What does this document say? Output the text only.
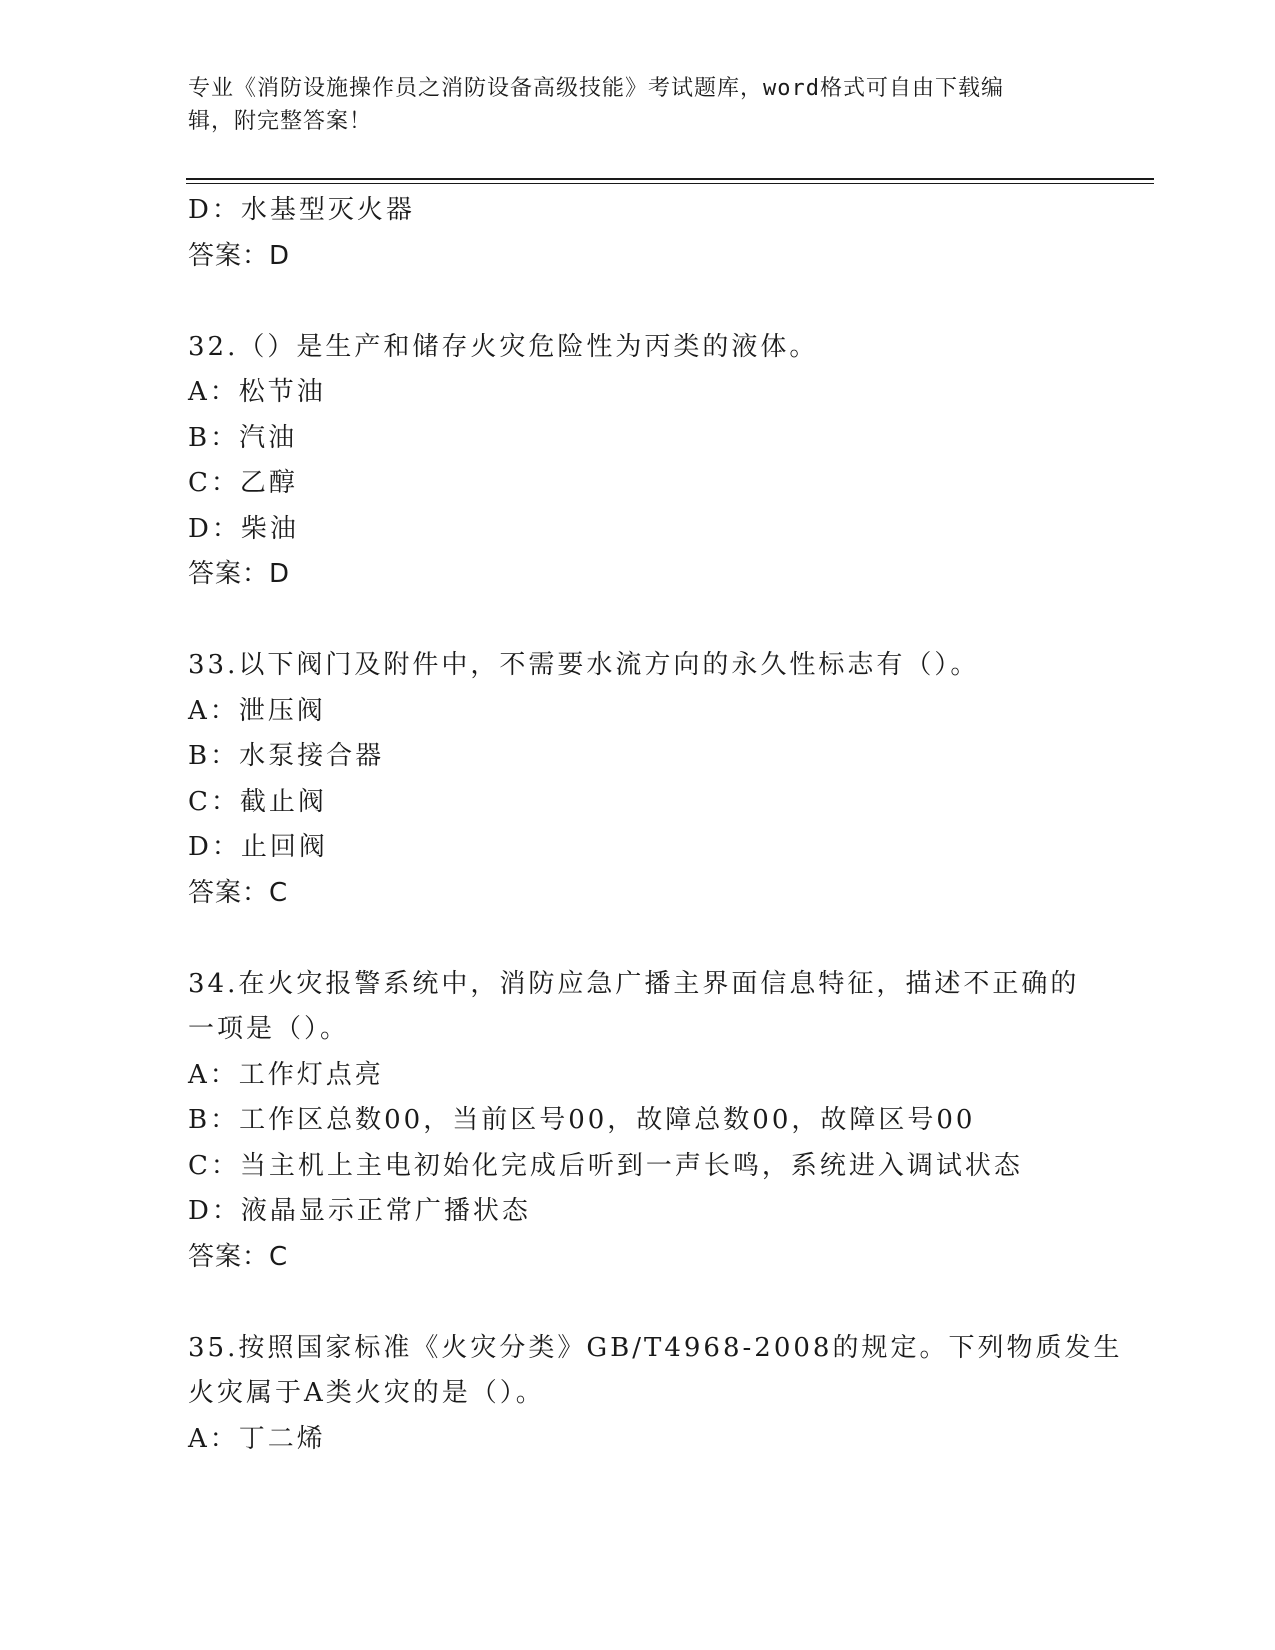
专业《消防设施操作员之消防设备高级技能》考试题库，word格式可自由下载编
辑，附完整答案！
D：水基型灭火器
答案：D
32.（）是生产和储存火灾危险性为丙类的液体。
A：松节油
B：汽油
C：乙醇
D：柴油
答案：D
33.以下阀门及附件中，不需要水流方向的永久性标志有（）。
A：泄压阀
B：水泵接合器
C：截止阀
D：止回阀
答案：C
34.在火灾报警系统中，消防应急广播主界面信息特征，描述不正确的
一项是（）。
A：工作灯点亮
B：工作区总数00，当前区号00，故障总数00，故障区号00
C：当主机上主电初始化完成后听到一声长鸣，系统进入调试状态
D：液晶显示正常广播状态
答案：C
35.按照国家标准《火灾分类》GB/T4968-2008的规定。下列物质发生
火灾属于A类火灾的是（）。
A：丁二烯
